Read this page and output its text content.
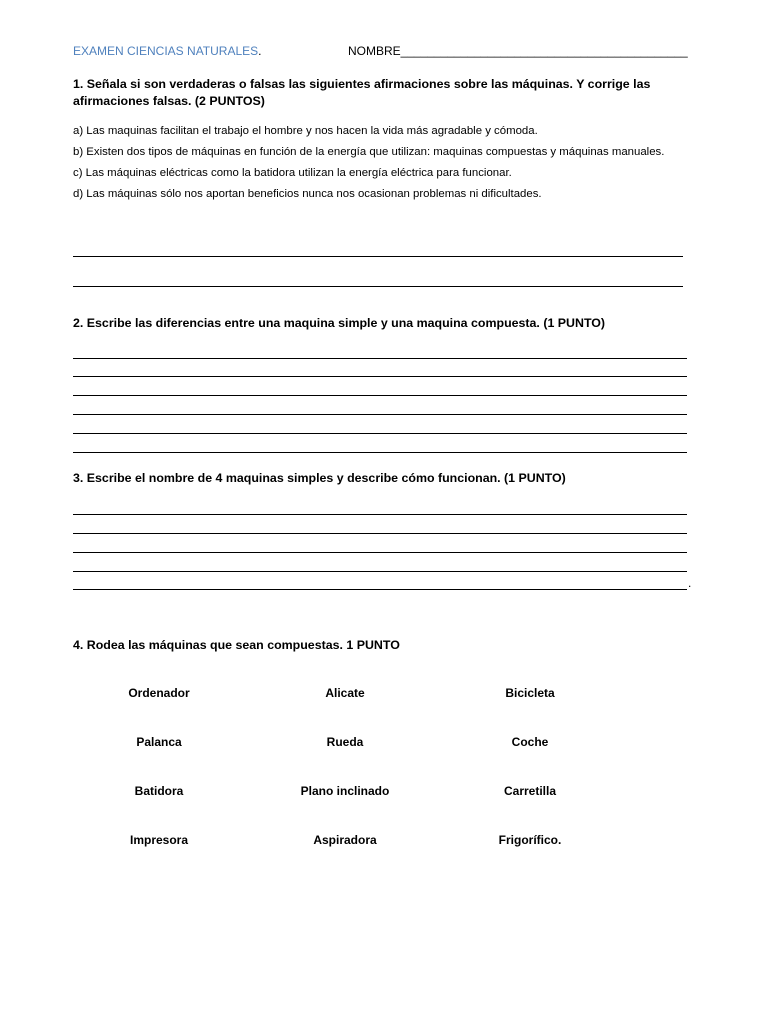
EXAMEN CIENCIAS NATURALES.	NOMBRE___________________________________________
1. Señala si son verdaderas o falsas las siguientes afirmaciones sobre las máquinas. Y corrige las afirmaciones falsas. (2 PUNTOS)
a) Las maquinas facilitan el trabajo el hombre y nos hacen la vida más agradable y cómoda.
b) Existen dos tipos de máquinas en función de la energía que utilizan: maquinas compuestas y máquinas manuales.
c) Las máquinas eléctricas como la batidora utilizan la energía eléctrica para funcionar.
d) Las máquinas sólo nos aportan beneficios nunca nos ocasionan problemas ni dificultades.
2. Escribe las diferencias entre una maquina simple y una maquina compuesta. (1 PUNTO)
3. Escribe el nombre de 4 maquinas simples y describe cómo funcionan. (1 PUNTO)
.
4. Rodea las máquinas que sean compuestas. 1 PUNTO
Ordenador	Alicate	Bicicleta
Palanca	Rueda	Coche
Batidora	Plano inclinado	Carretilla
Impresora	Aspiradora	Frigorífico.
